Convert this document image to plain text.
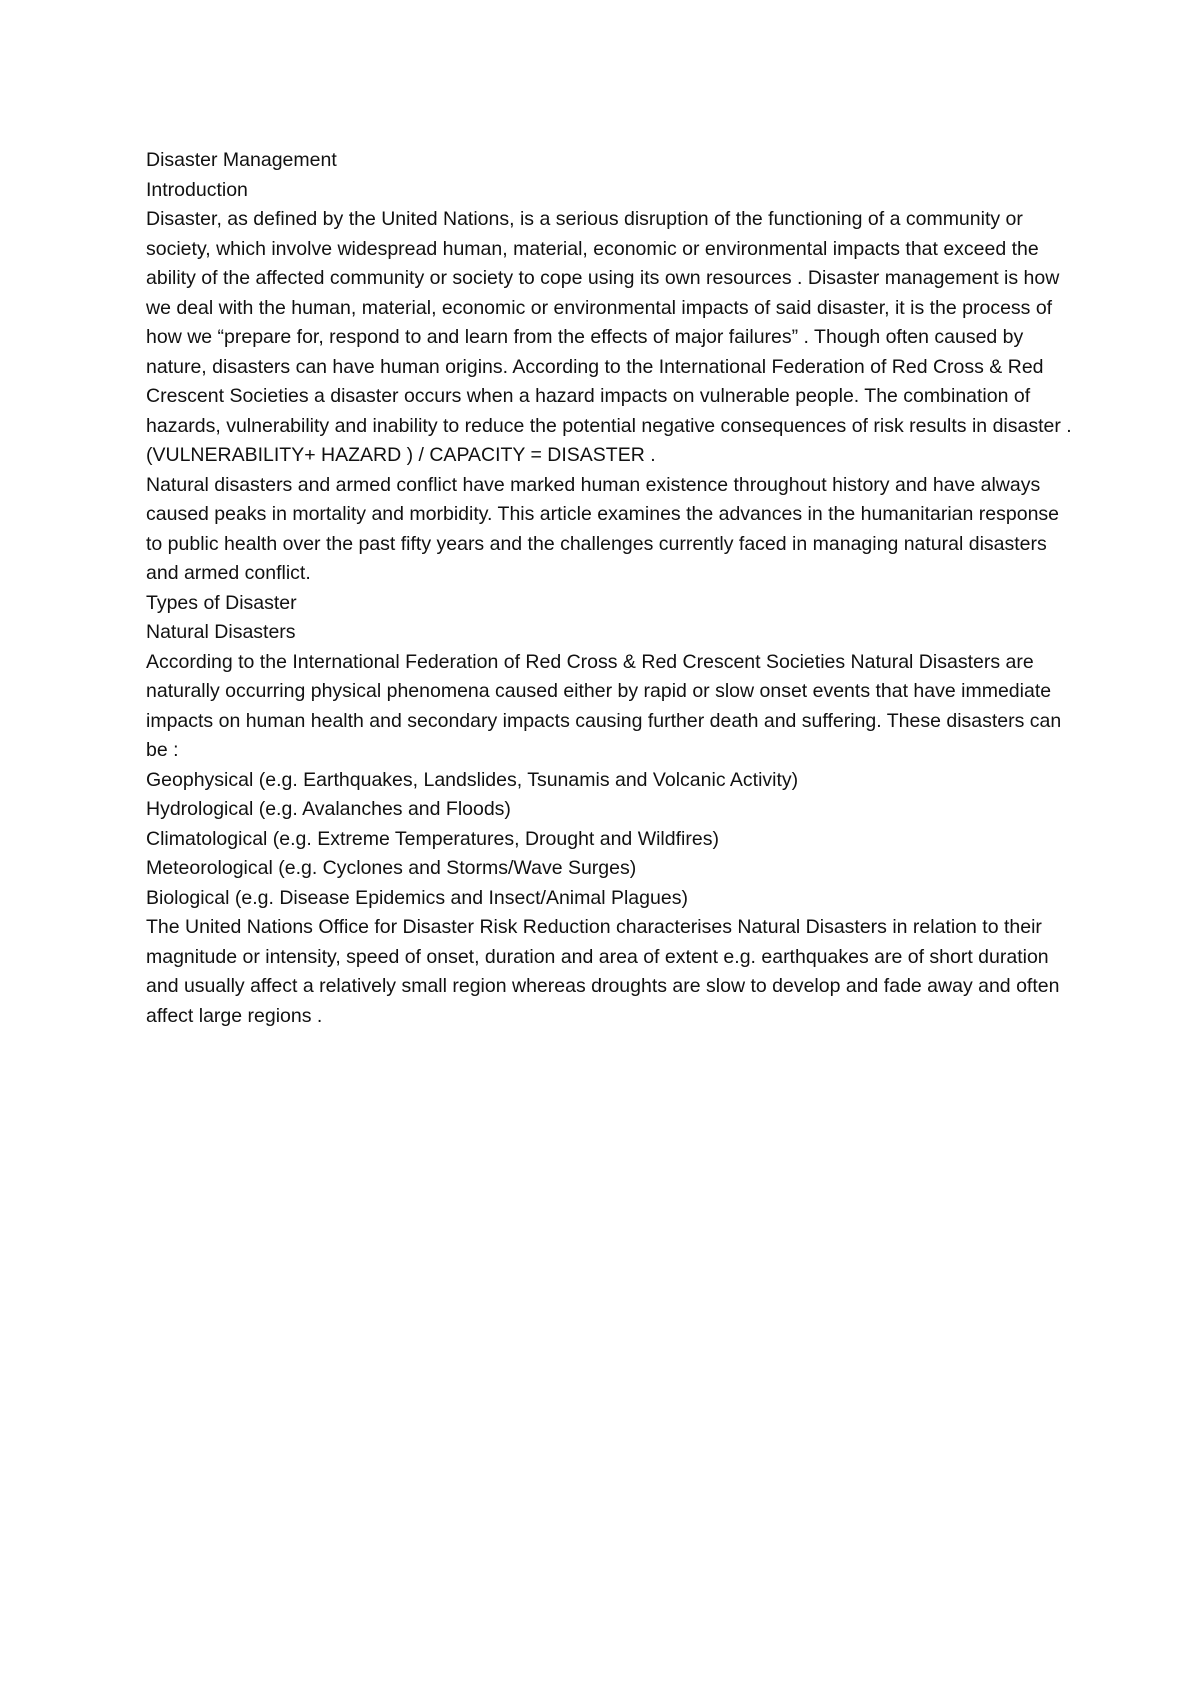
Disaster Management

Introduction

Disaster, as defined by the United Nations, is a serious disruption of the functioning of a community or society, which involve widespread human, material, economic or environmental impacts that exceed the ability of the affected community or society to cope using its own resources . Disaster management is how we deal with the human, material, economic or environmental impacts of said disaster, it is the process of how we “prepare for, respond to and learn from the effects of major failures” . Though often caused by nature, disasters can have human origins. According to the International Federation of Red Cross & Red Crescent Societies a disaster occurs when a hazard impacts on vulnerable people. The combination of hazards, vulnerability and inability to reduce the potential negative consequences of risk results in disaster .

(VULNERABILITY+ HAZARD ) / CAPACITY = DISASTER .

Natural disasters and armed conflict have marked human existence throughout history and have always caused peaks in mortality and morbidity. This article examines the advances in the humanitarian response to public health over the past fifty years and the challenges currently faced in managing natural disasters and armed conflict.

Types of Disaster

Natural Disasters

According to the International Federation of Red Cross & Red Crescent Societies Natural Disasters are naturally occurring physical phenomena caused either by rapid or slow onset events that have immediate impacts on human health and secondary impacts causing further death and suffering. These disasters can be :

Geophysical (e.g. Earthquakes, Landslides, Tsunamis and Volcanic Activity)

Hydrological (e.g. Avalanches and Floods)

Climatological (e.g. Extreme Temperatures, Drought and Wildfires)

Meteorological (e.g. Cyclones and Storms/Wave Surges)

Biological (e.g. Disease Epidemics and Insect/Animal Plagues)

The United Nations Office for Disaster Risk Reduction characterises Natural Disasters in relation to their magnitude or intensity, speed of onset, duration and area of extent e.g. earthquakes are of short duration and usually affect a relatively small region whereas droughts are slow to develop and fade away and often affect large regions .
